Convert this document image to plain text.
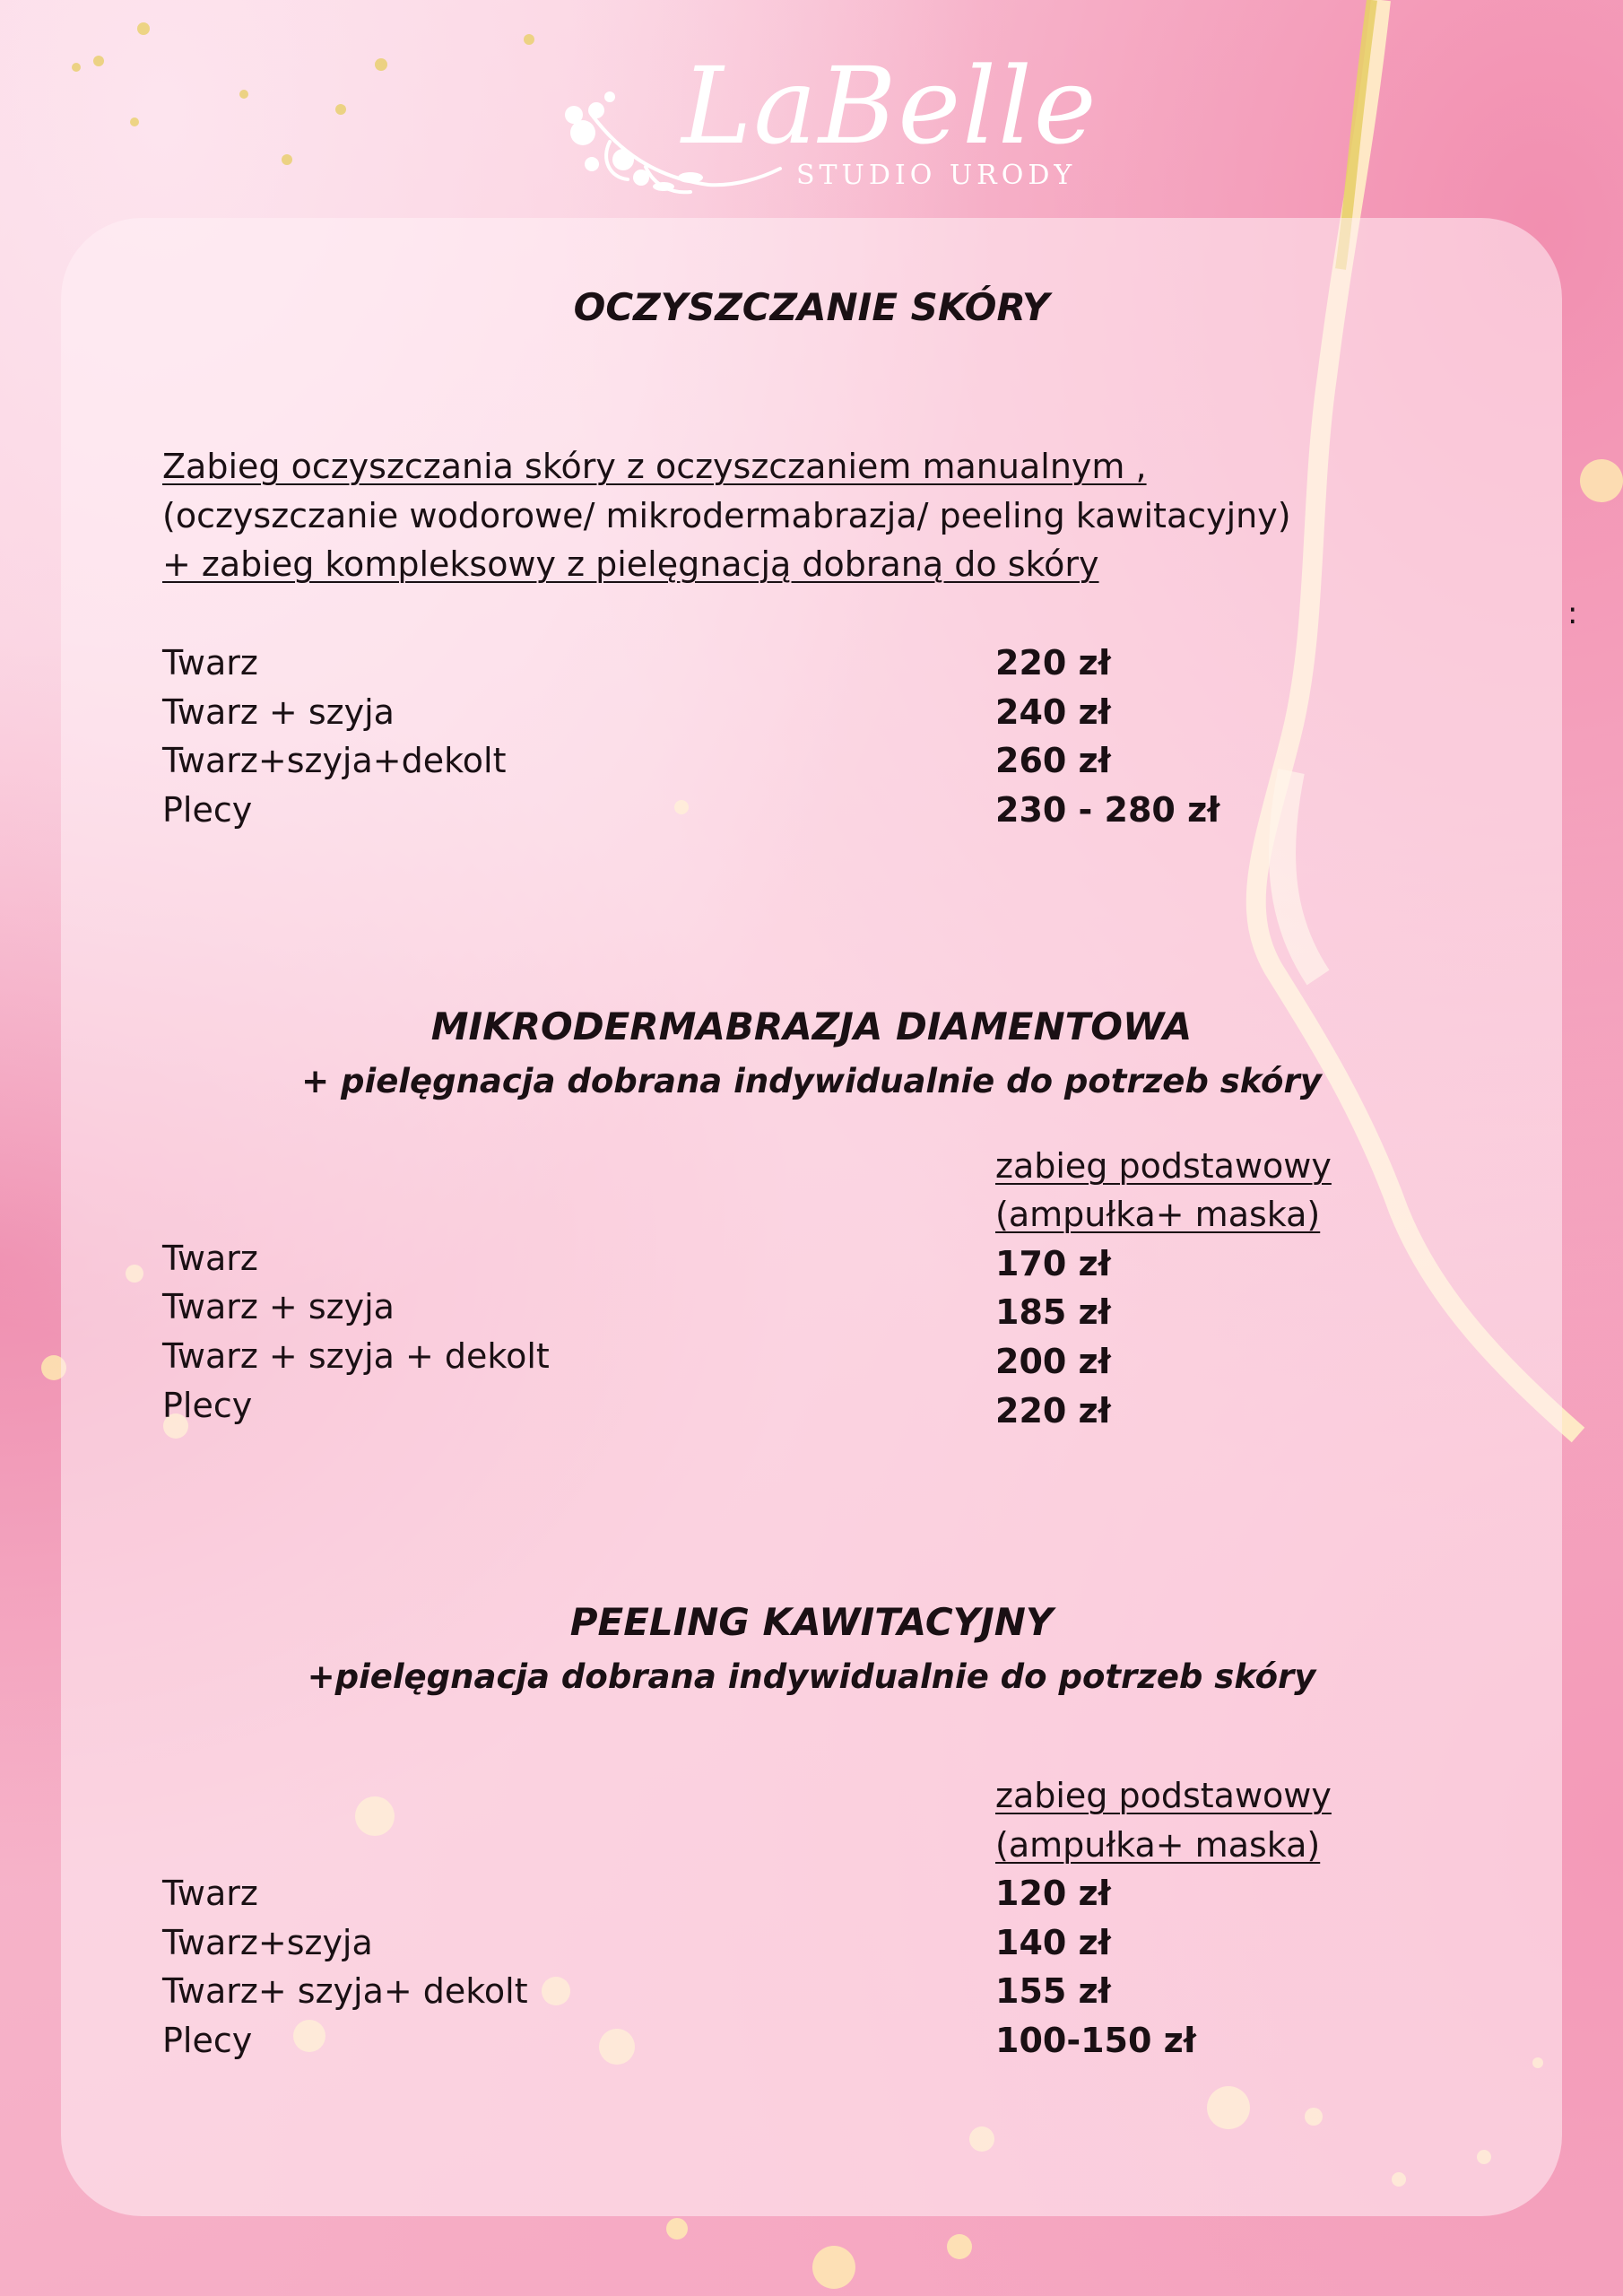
LaBelle
STUDIO URODY
:
OCZYSZCZANIE SKÓRY
Zabieg oczyszczania skóry z oczyszczaniem manualnym ,
(oczyszczanie wodorowe/ mikrodermabrazja/ peeling kawitacyjny)
+ zabieg kompleksowy z pielęgnacją dobraną do skóry
Twarz	220 zł
Twarz + szyja	240 zł
Twarz+szyja+dekolt	260 zł
Plecy	230 - 280 zł
MIKRODERMABRAZJA DIAMENTOWA
+ pielęgnacja dobrana indywidualnie do potrzeb skóry
zabieg podstawowy
(ampułka+ maska)
Twarz	170 zł
Twarz + szyja	185 zł
Twarz + szyja + dekolt	200 zł
Plecy	220 zł
PEELING KAWITACYJNY
+pielęgnacja dobrana indywidualnie do potrzeb skóry
zabieg podstawowy
(ampułka+ maska)
Twarz	120 zł
Twarz+szyja	140 zł
Twarz+ szyja+ dekolt	155 zł
Plecy	100-150 zł
